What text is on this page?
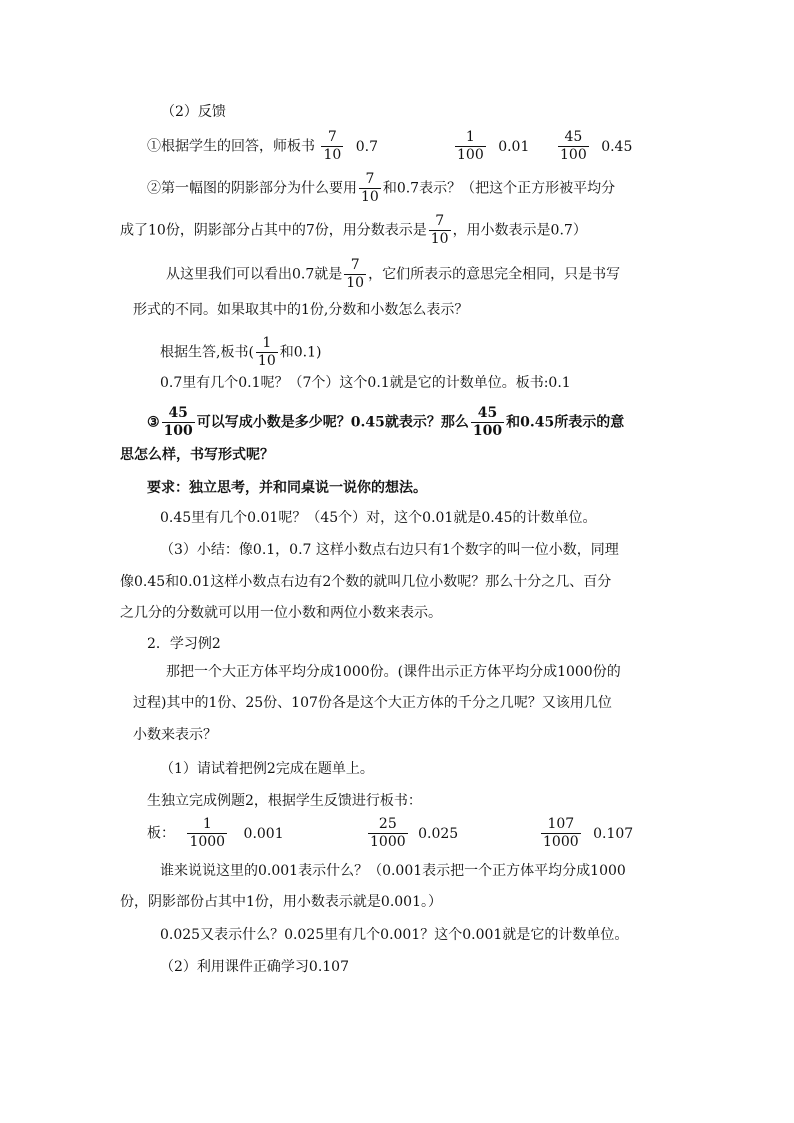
（2）反馈
①根据学生的回答，师板书 $\frac{7}{10} 0.7$	$\frac{1}{100} 0.01 \frac{45}{100} 0.45$
②第一幅图的阴影部分为什么要用 $\frac{7}{10}$ 和0.7表示？（把这个正方形被平均分
成了10份，阴影部分占其中的7份，用分数表示是 $\frac{7}{10}$ ，用小数表示是0.7）
从这里我们可以看出0.7就是 $\frac{7}{10}$ ，它们所表示的意思完全相同，只是书写
形式的不同。如果取其中的1份,分数和小数怎么表示？
根据生答,板书( $\frac{1}{10}$ 和0.1)
0.7里有几个0.1呢？（7个）这个0.1就是它的计数单位。板书:0.1
③ $\frac{45}{100}$ 可以写成小数是多少呢？0.45就表示？那么 $\frac{45}{100}$ 和0.45所表示的意
思怎么样，书写形式呢？
要求：独立思考，并和同桌说一说你的想法。
0.45里有几个0.01呢？（45个）对，这个0.01就是0.45的计数单位。
（3）小结：像0.1，0.7 这样小数点右边只有1个数字的叫一位小数，同理
像0.45和0.01这样小数点右边有2个数的就叫几位小数呢？那么十分之几、百分
之几分的分数就可以用一位小数和两位小数来表示。
2．学习例2
那把一个大正方体平均分成1000份。(课件出示正方体平均分成1000份的
过程)其中的1份、25份、107份各是这个大正方体的千分之几呢？又该用几位
小数来表示？
（1）请试着把例2完成在题单上。
生独立完成例题2，根据学生反馈进行板书：
板： $\frac{1}{1000} 0.001$	$\frac{25}{1000} 0.025$	$\frac{107}{1000} 0.107$
谁来说说这里的0.001表示什么？（0.001表示把一个正方体平均分成1000
份，阴影部份占其中1份，用小数表示就是0.001。）
0.025又表示什么？0.025里有几个0.001？这个0.001就是它的计数单位。
（2）利用课件正确学习0.107
